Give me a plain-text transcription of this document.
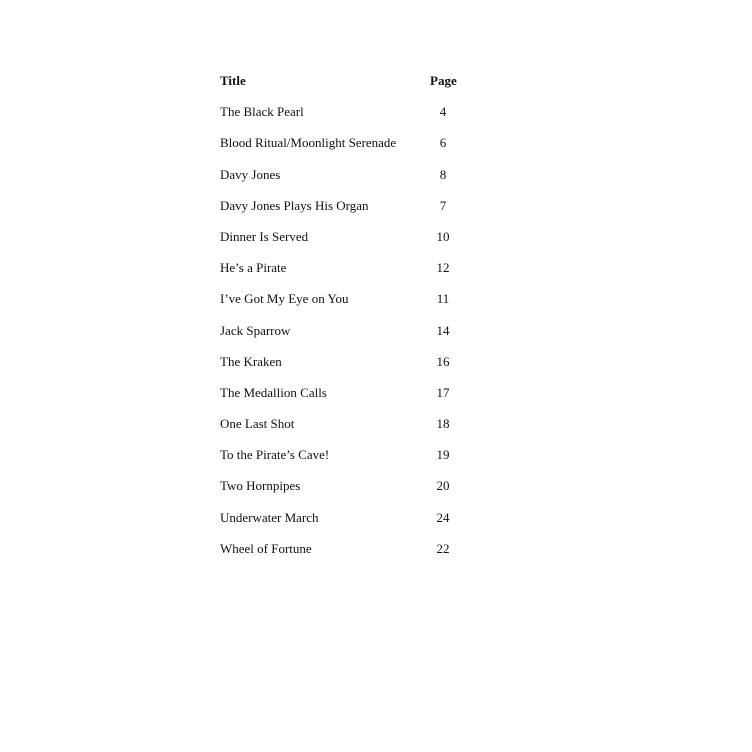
Title	Page
The Black Pearl	4
Blood Ritual/Moonlight Serenade	6
Davy Jones	8
Davy Jones Plays His Organ	7
Dinner Is Served	10
He’s a Pirate	12
I’ve Got My Eye on You	11
Jack Sparrow	14
The Kraken	16
The Medallion Calls	17
One Last Shot	18
To the Pirate’s Cave!	19
Two Hornpipes	20
Underwater March	24
Wheel of Fortune	22
